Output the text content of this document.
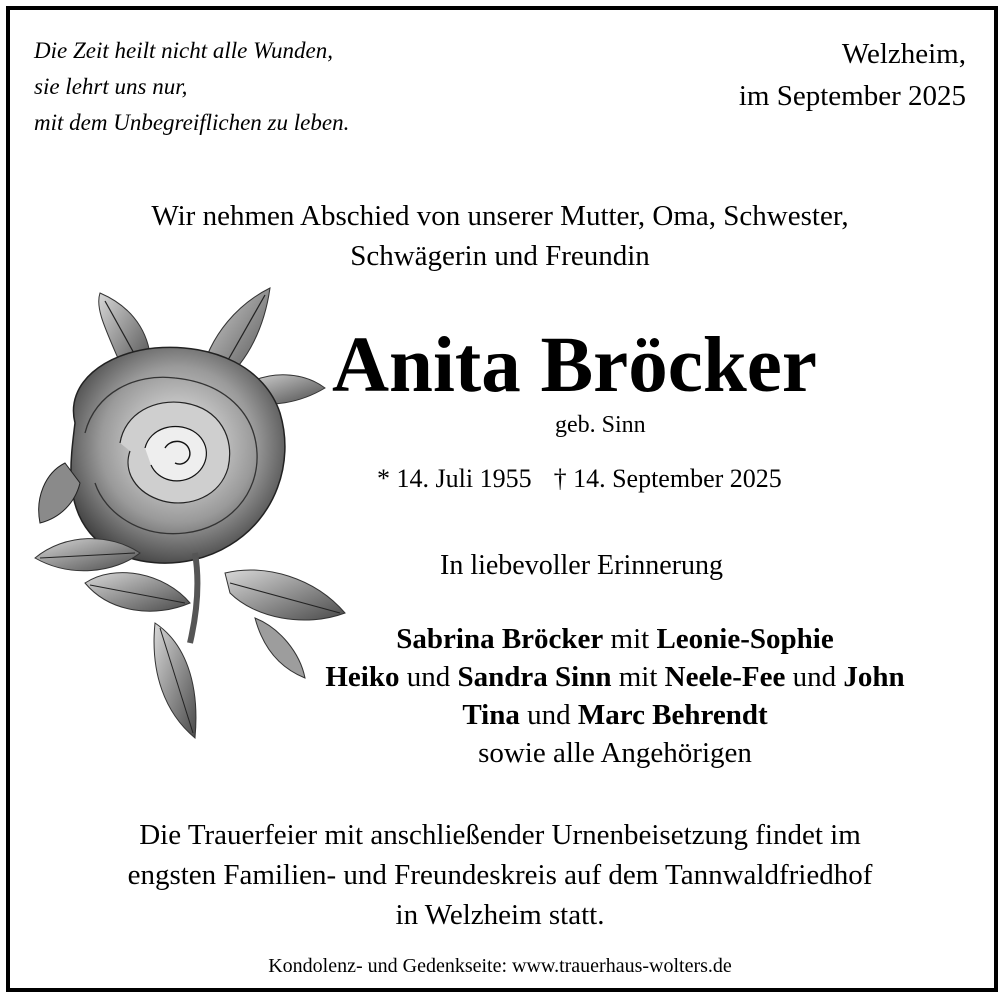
Die Zeit heilt nicht alle Wunden,
sie lehrt uns nur,
mit dem Unbegreiflichen zu leben.
Welzheim,
im September 2025
Wir nehmen Abschied von unserer Mutter, Oma, Schwester,
Schwägerin und Freundin
Anita Bröcker
geb. Sinn
* 14. Juli 1955 † 14. September 2025
In liebevoller Erinnerung
Sabrina Bröcker mit Leonie-Sophie
Heiko und Sandra Sinn mit Neele-Fee und John
Tina und Marc Behrendt
sowie alle Angehörigen
Die Trauerfeier mit anschließender Urnenbeisetzung findet im
engsten Familien- und Freundeskreis auf dem Tannwaldfriedhof
in Welzheim statt.
Kondolenz- und Gedenkseite: www.trauerhaus-wolters.de
